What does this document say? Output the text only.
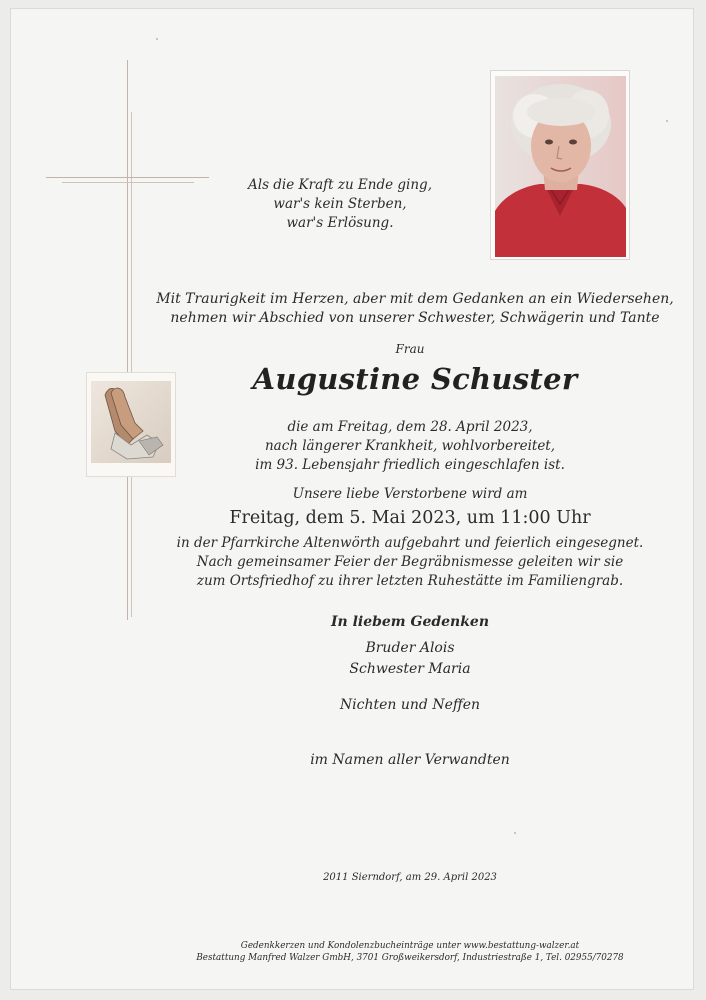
Als die Kraft zu Ende ging,
war's kein Sterben,
war's Erlösung.
Mit Traurigkeit im Herzen, aber mit dem Gedanken an ein Wiedersehen,
nehmen wir Abschied von unserer Schwester, Schwägerin und Tante
Frau
Augustine Schuster
die am Freitag, dem 28. April 2023,
nach längerer Krankheit, wohlvorbereitet,
im 93. Lebensjahr friedlich eingeschlafen ist.
Unsere liebe Verstorbene wird am
Freitag, dem 5. Mai 2023, um 11:00 Uhr
in der Pfarrkirche Altenwörth aufgebahrt und feierlich eingesegnet.
Nach gemeinsamer Feier der Begräbnismesse geleiten wir sie
zum Ortsfriedhof zu ihrer letzten Ruhestätte im Familiengrab.
In liebem Gedenken
Bruder Alois
Schwester Maria
Nichten und Neffen
im Namen aller Verwandten
2011 Sierndorf, am 29. April 2023
Gedenkkerzen und Kondolenzbucheinträge unter www.bestattung-walzer.at
Bestattung Manfred Walzer GmbH, 3701 Großweikersdorf, Industriestraße 1, Tel. 02955/70278
